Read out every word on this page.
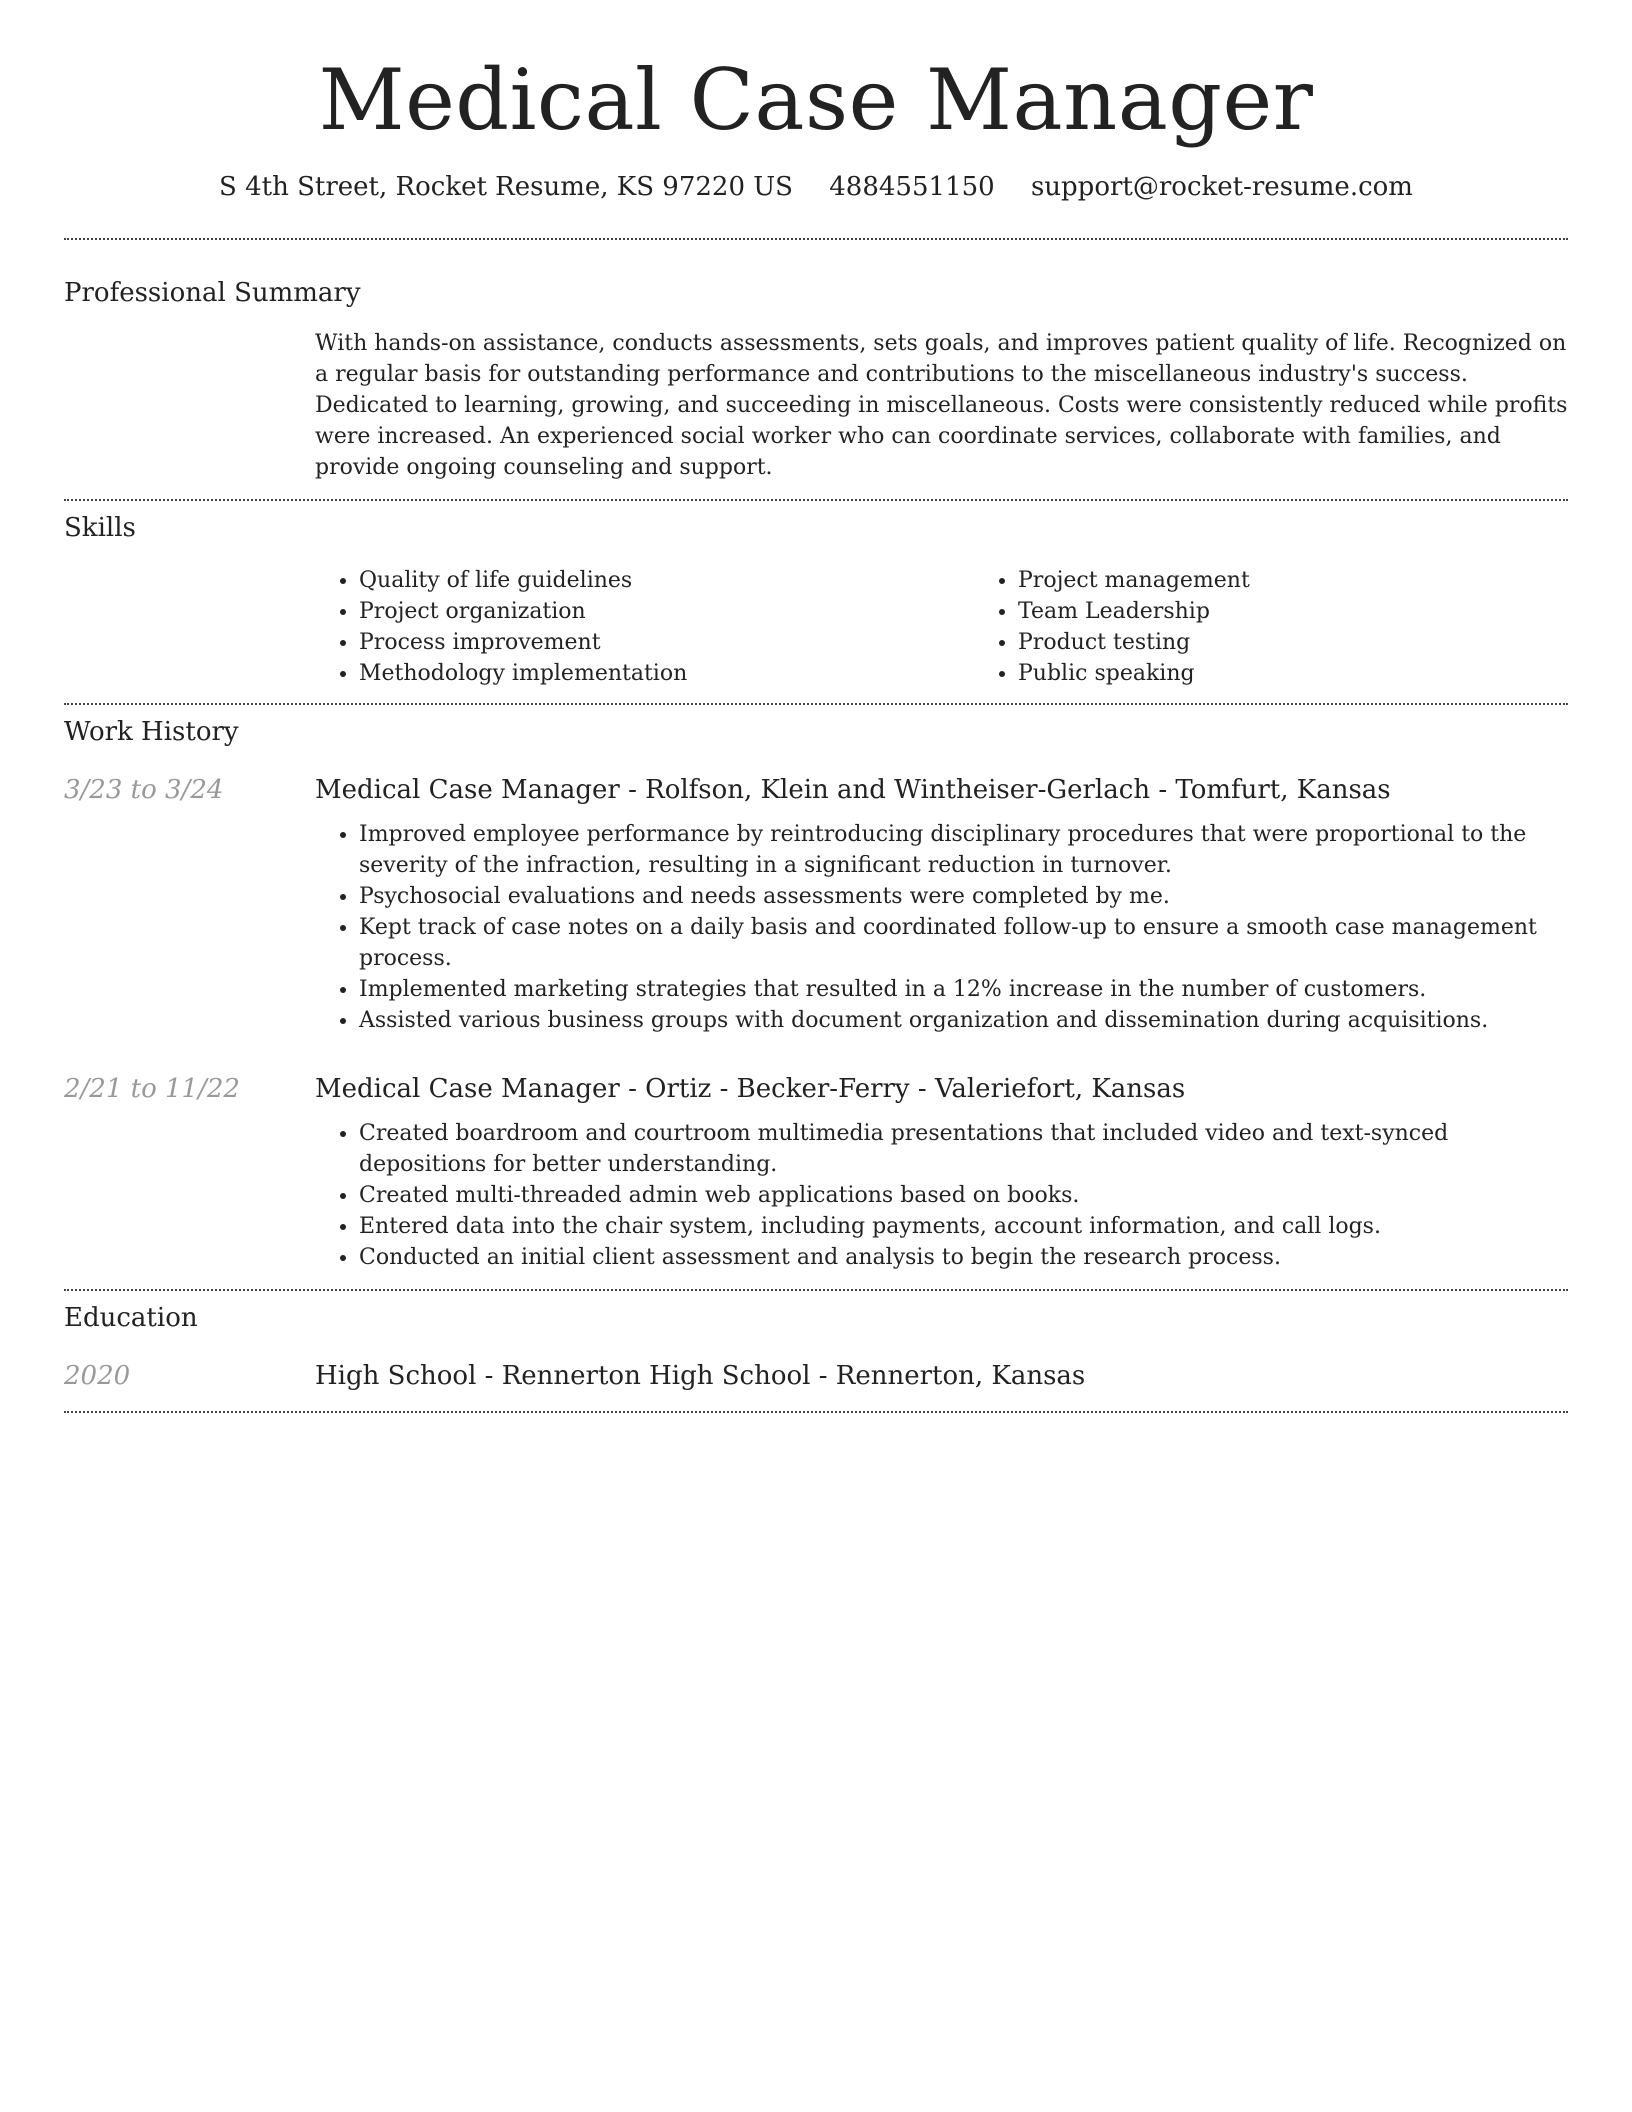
Medical Case Manager
S 4th Street, Rocket Resume, KS 97220 US 4884551150 support@rocket-resume.com
Professional Summary

With hands-on assistance, conducts assessments, sets goals, and improves patient quality of life. Recognized on a regular basis for outstanding performance and contributions to the miscellaneous industry's success. Dedicated to learning, growing, and succeeding in miscellaneous. Costs were consistently reduced while profits were increased. An experienced social worker who can coordinate services, collaborate with families, and provide ongoing counseling and support.

Skills
• Quality of life guidelines
• Project organization
• Process improvement
• Methodology implementation
• Project management
• Team Leadership
• Product testing
• Public speaking
Work History
3/23 to 3/24	Medical Case Manager - Rolfson, Klein and Wintheiser-Gerlach - Tomfurt, Kansas
• Improved employee performance by reintroducing disciplinary procedures that were proportional to the severity of the infraction, resulting in a significant reduction in turnover.
• Psychosocial evaluations and needs assessments were completed by me.
• Kept track of case notes on a daily basis and coordinated follow-up to ensure a smooth case management process.
• Implemented marketing strategies that resulted in a 12% increase in the number of customers.
• Assisted various business groups with document organization and dissemination during acquisitions.
2/21 to 11/22	Medical Case Manager - Ortiz - Becker-Ferry - Valeriefort, Kansas
• Created boardroom and courtroom multimedia presentations that included video and text-synced depositions for better understanding.
• Created multi-threaded admin web applications based on books.
• Entered data into the chair system, including payments, account information, and call logs.
• Conducted an initial client assessment and analysis to begin the research process.
Education
2020	High School - Rennerton High School - Rennerton, Kansas
